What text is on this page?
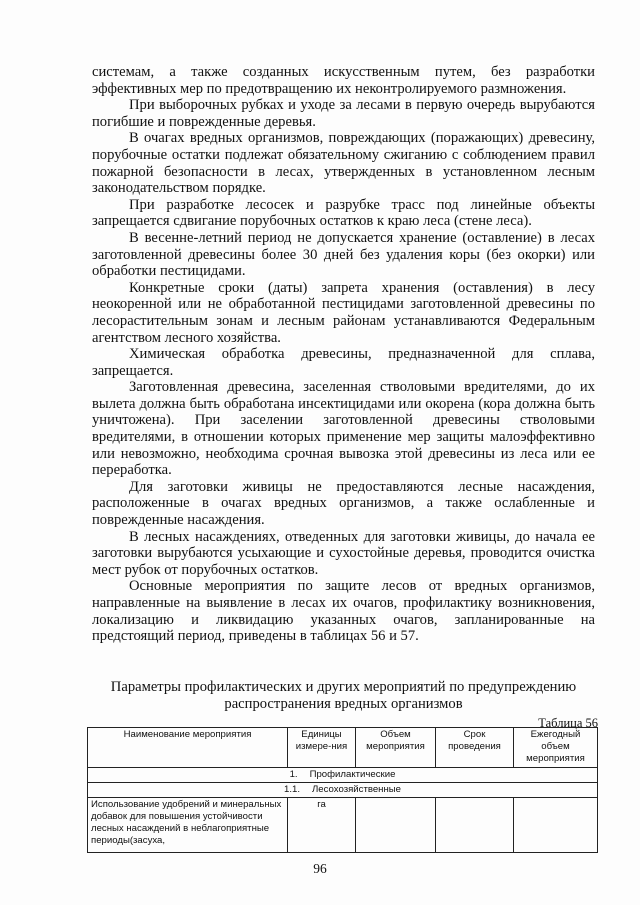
системам, а также созданных искусственным путем, без разработки эффективных мер по предотвращению их неконтролируемого размножения.

При выборочных рубках и уходе за лесами в первую очередь вырубаются погибшие и поврежденные деревья.

В очагах вредных организмов, повреждающих (поражающих) древесину, порубочные остатки подлежат обязательному сжиганию с соблюдением правил пожарной безопасности в лесах, утвержденных в установленном лесным законодательством порядке.

При разработке лесосек и разрубке трасс под линейные объекты запрещается сдвигание порубочных остатков к краю леса (стене леса).

В весенне-летний период не допускается хранение (оставление) в лесах заготовленной древесины более 30 дней без удаления коры (без окорки) или обработки пестицидами.

Конкретные сроки (даты) запрета хранения (оставления) в лесу неокоренной или не обработанной пестицидами заготовленной древесины по лесорастительным зонам и лесным районам устанавливаются Федеральным агентством лесного хозяйства.

Химическая обработка древесины, предназначенной для сплава, запрещается.

Заготовленная древесина, заселенная стволовыми вредителями, до их вылета должна быть обработана инсектицидами или окорена (кора должна быть уничтожена). При заселении заготовленной древесины стволовыми вредителями, в отношении которых применение мер защиты малоэффективно или невозможно, необходима срочная вывозка этой древесины из леса или ее переработка.

Для заготовки живицы не предоставляются лесные насаждения, расположенные в очагах вредных организмов, а также ослабленные и поврежденные насаждения.

В лесных насаждениях, отведенных для заготовки живицы, до начала ее заготовки вырубаются усыхающие и сухостойные деревья, проводится очистка мест рубок от порубочных остатков.

Основные мероприятия по защите лесов от вредных организмов, направленные на выявление в лесах их очагов, профилактику возникновения, локализацию и ликвидацию указанных очагов, запланированные на предстоящий период, приведены в таблицах 56 и 57.

Параметры профилактических и других мероприятий по предупреждению
распространения вредных организмов
Таблица 56
Наименование мероприятия	Единицы измере-ния	Объем мероприятия	Срок проведения	Ежегодный объем мероприятия
1. Профилактические				
1.1. Лесохозяйственные				
Использование удобрений и минеральных добавок для повышения устойчивости лесных насаждений в неблагоприятные периоды(засуха,	га			
96
